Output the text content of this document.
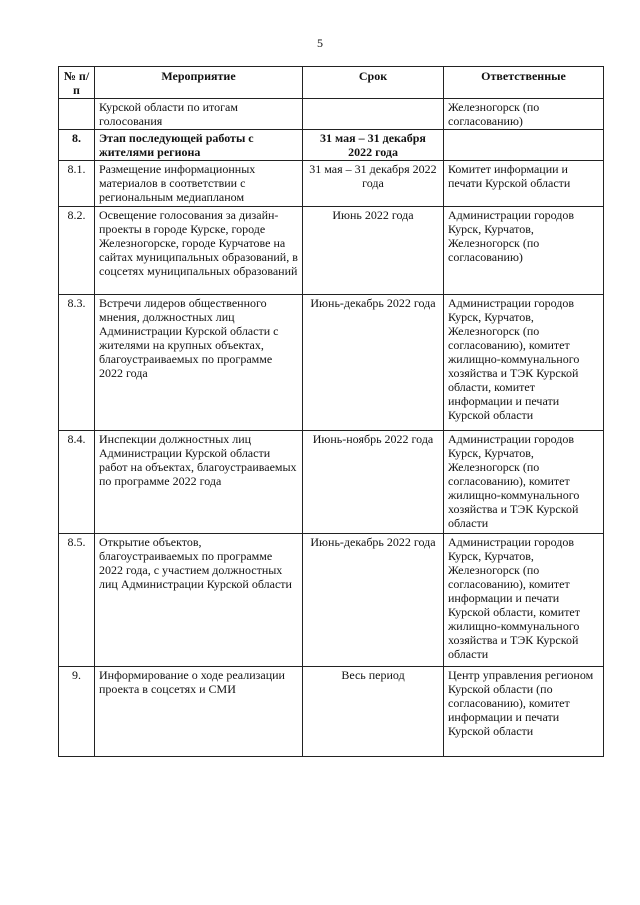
5
№ п/п	Мероприятие	Срок	Ответственные
	Курской области по итогам голосования		Железногорск (по согласованию)
8.	Этап последующей работы с жителями региона	31 мая – 31 декабря 2022 года	
8.1.	Размещение информационных материалов в соответствии с региональным медиапланом	31 мая – 31 декабря 2022 года	Комитет информации и печати Курской области
8.2.	Освещение голосования за дизайн-проекты в городе Курске, городе Железногорске, городе Курчатове на сайтах муниципальных образований, в соцсетях муниципальных образований	Июнь 2022 года	Администрации городов Курск, Курчатов, Железногорск (по согласованию)
8.3.	Встречи лидеров общественного мнения, должностных лиц Администрации Курской области с жителями на крупных объектах, благоустраиваемых по программе 2022 года	Июнь-декабрь 2022 года	Администрации городов Курск, Курчатов, Железногорск (по согласованию), комитет жилищно-коммунального хозяйства и ТЭК Курской области, комитет информации и печати Курской области
8.4.	Инспекции должностных лиц Администрации Курской области работ на объектах, благоустраиваемых по программе 2022 года	Июнь-ноябрь 2022 года	Администрации городов Курск, Курчатов, Железногорск (по согласованию), комитет жилищно-коммунального хозяйства и ТЭК Курской области
8.5.	Открытие объектов, благоустраиваемых по программе 2022 года, с участием должностных лиц Администрации Курской области	Июнь-декабрь 2022 года	Администрации городов Курск, Курчатов, Железногорск (по согласованию), комитет информации и печати Курской области, комитет жилищно-коммунального хозяйства и ТЭК Курской области
9.	Информирование о ходе реализации проекта в соцсетях и СМИ	Весь период	Центр управления регионом Курской области (по согласованию), комитет информации и печати Курской области
